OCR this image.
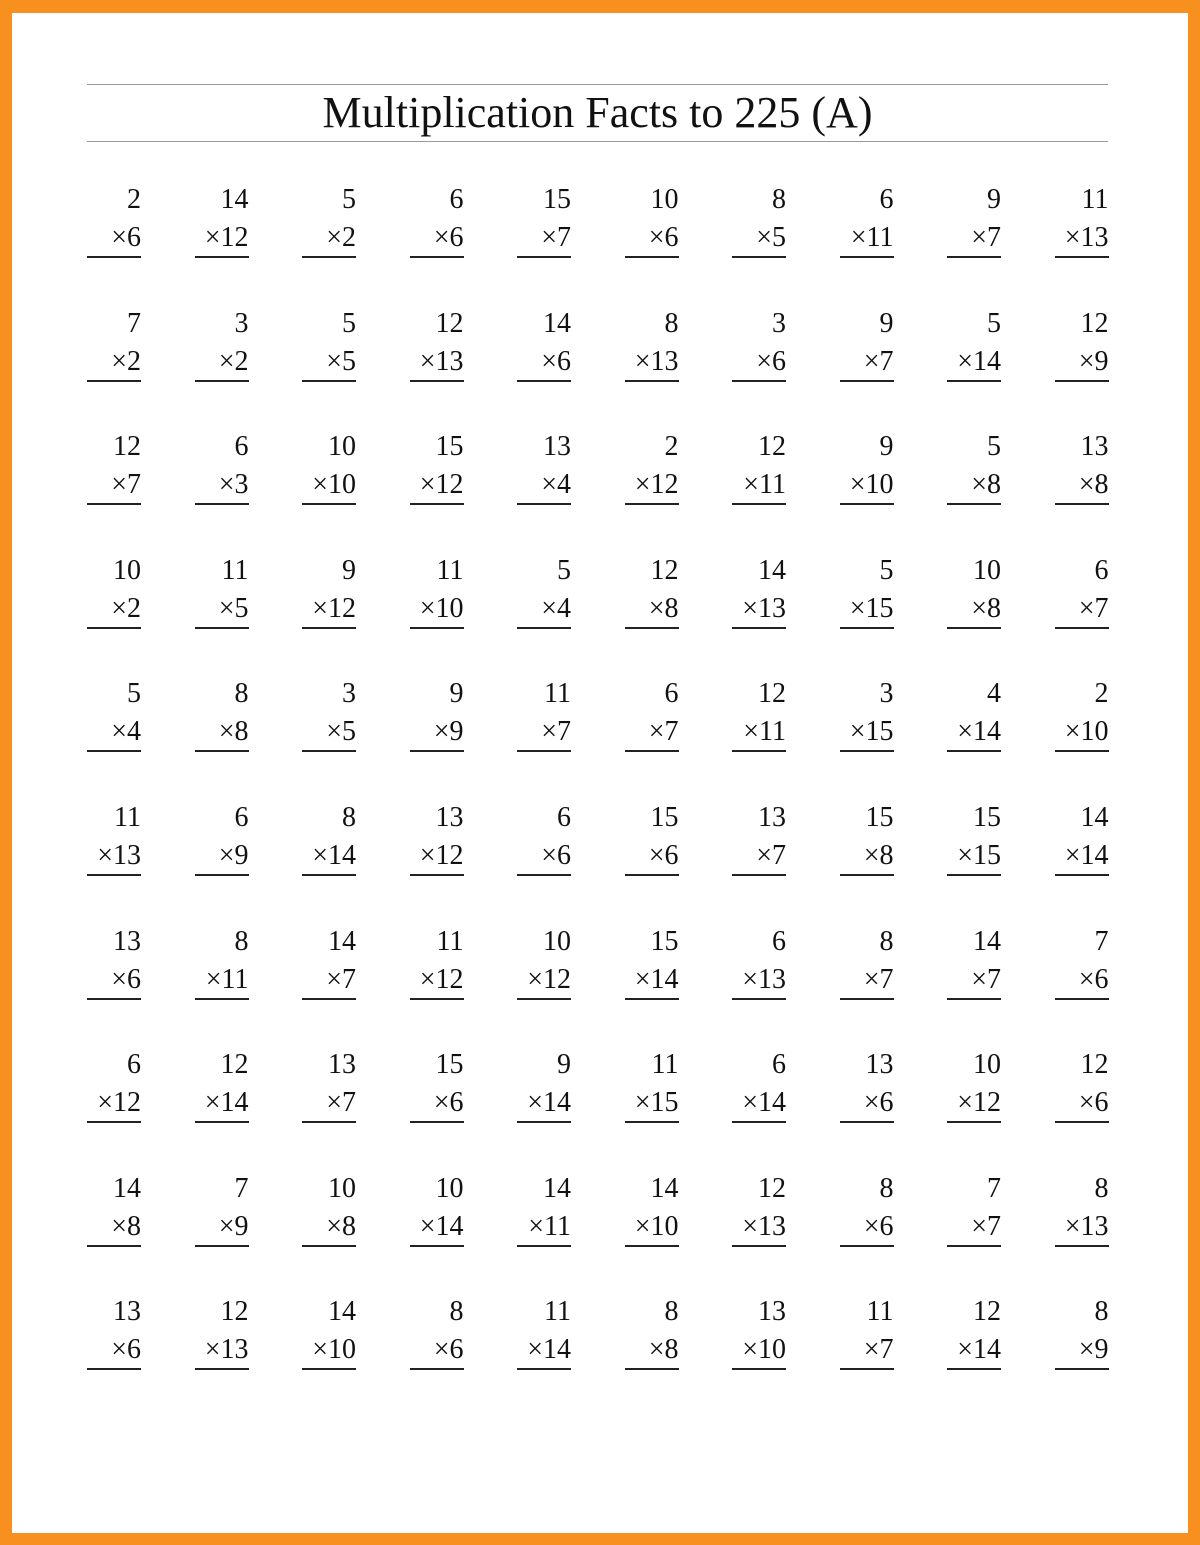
Multiplication Facts to 225 (A)
2
×6
14
×12
5
×2
6
×6
15
×7
10
×6
8
×5
6
×11
9
×7
11
×13
7
×2
3
×2
5
×5
12
×13
14
×6
8
×13
3
×6
9
×7
5
×14
12
×9
12
×7
6
×3
10
×10
15
×12
13
×4
2
×12
12
×11
9
×10
5
×8
13
×8
10
×2
11
×5
9
×12
11
×10
5
×4
12
×8
14
×13
5
×15
10
×8
6
×7
5
×4
8
×8
3
×5
9
×9
11
×7
6
×7
12
×11
3
×15
4
×14
2
×10
11
×13
6
×9
8
×14
13
×12
6
×6
15
×6
13
×7
15
×8
15
×15
14
×14
13
×6
8
×11
14
×7
11
×12
10
×12
15
×14
6
×13
8
×7
14
×7
7
×6
6
×12
12
×14
13
×7
15
×6
9
×14
11
×15
6
×14
13
×6
10
×12
12
×6
14
×8
7
×9
10
×8
10
×14
14
×11
14
×10
12
×13
8
×6
7
×7
8
×13
13
×6
12
×13
14
×10
8
×6
11
×14
8
×8
13
×10
11
×7
12
×14
8
×9
